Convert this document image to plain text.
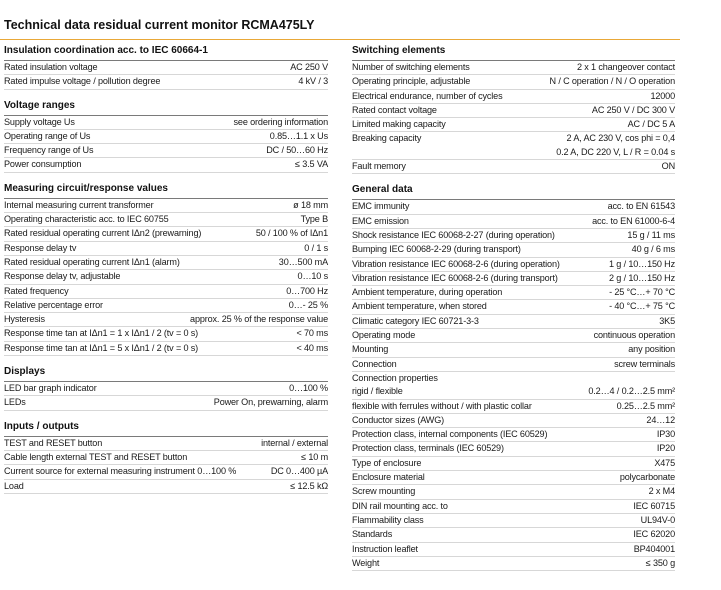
Technical data residual current monitor RCMA475LY
Insulation coordination acc. to IEC 60664-1
Rated insulation voltage	AC 250 V
Rated impulse voltage / pollution degree	4 kV / 3
Voltage ranges
Supply voltage Us	see ordering information
Operating range of Us	0.85…1.1 x Us
Frequency range of Us	DC / 50…60 Hz
Power consumption	≤ 3.5 VA
Measuring circuit/response values
Internal measuring current transformer	ø 18 mm
Operating characteristic acc. to IEC 60755	Type B
Rated residual operating current IΔn2 (prewarning)	50 / 100 % of IΔn1
Response delay tv	0 / 1 s
Rated residual operating current IΔn1 (alarm)	30…500 mA
Response delay tv, adjustable	0…10 s
Rated frequency	0…700 Hz
Relative percentage error	0…- 25 %
Hysteresis	approx. 25 % of the response value
Response time tan at IΔn1 = 1 x IΔn1 / 2 (tv = 0 s)	< 70 ms
Response time tan at IΔn1 = 5 x IΔn1 / 2 (tv = 0 s)	< 40 ms
Displays
LED bar graph indicator	0…100 %
LEDs	Power On, prewarning, alarm
Inputs / outputs
TEST and RESET button	internal / external
Cable length external TEST and RESET button	≤ 10 m
Current source for external measuring instrument 0…100 %	DC 0…400 µA
Load	≤ 12.5 kΩ
Switching elements
Number of switching elements	2 x 1 changeover contact
Operating principle, adjustable	N / C operation / N / O operation
Electrical endurance, number of cycles	12000
Rated contact voltage	AC 250 V / DC 300 V
Limited making capacity	AC / DC 5 A
Breaking capacity	2 A, AC 230 V, cos phi = 0,4
0.2 A, DC 220 V, L / R = 0.04 s
Fault memory	ON
General data
EMC immunity	acc. to EN 61543
EMC emission	acc. to EN 61000-6-4
Shock resistance IEC 60068-2-27 (during operation)	15 g / 11 ms
Bumping IEC 60068-2-29 (during transport)	40 g / 6 ms
Vibration resistance IEC 60068-2-6 (during operation)	1 g / 10…150 Hz
Vibration resistance IEC 60068-2-6 (during transport)	2 g / 10…150 Hz
Ambient temperature, during operation	- 25 °C…+ 70 °C
Ambient temperature, when stored	- 40 °C…+ 75 °C
Climatic category IEC 60721-3-3	3K5
Operating mode	continuous operation
Mounting	any position
Connection	screw terminals
Connection properties
rigid / flexible	
0.2…4 / 0.2…2.5 mm²
flexible with ferrules without / with plastic collar	0.25…2.5 mm²
Conductor sizes (AWG)	24…12
Protection class, internal components (IEC 60529)	IP30
Protection class, terminals (IEC 60529)	IP20
Type of enclosure	X475
Enclosure material	polycarbonate
Screw mounting	2 x M4
DIN rail mounting acc. to	IEC 60715
Flammability class	UL94V-0
Standards	IEC 62020
Instruction leaflet	BP404001
Weight	≤ 350 g
